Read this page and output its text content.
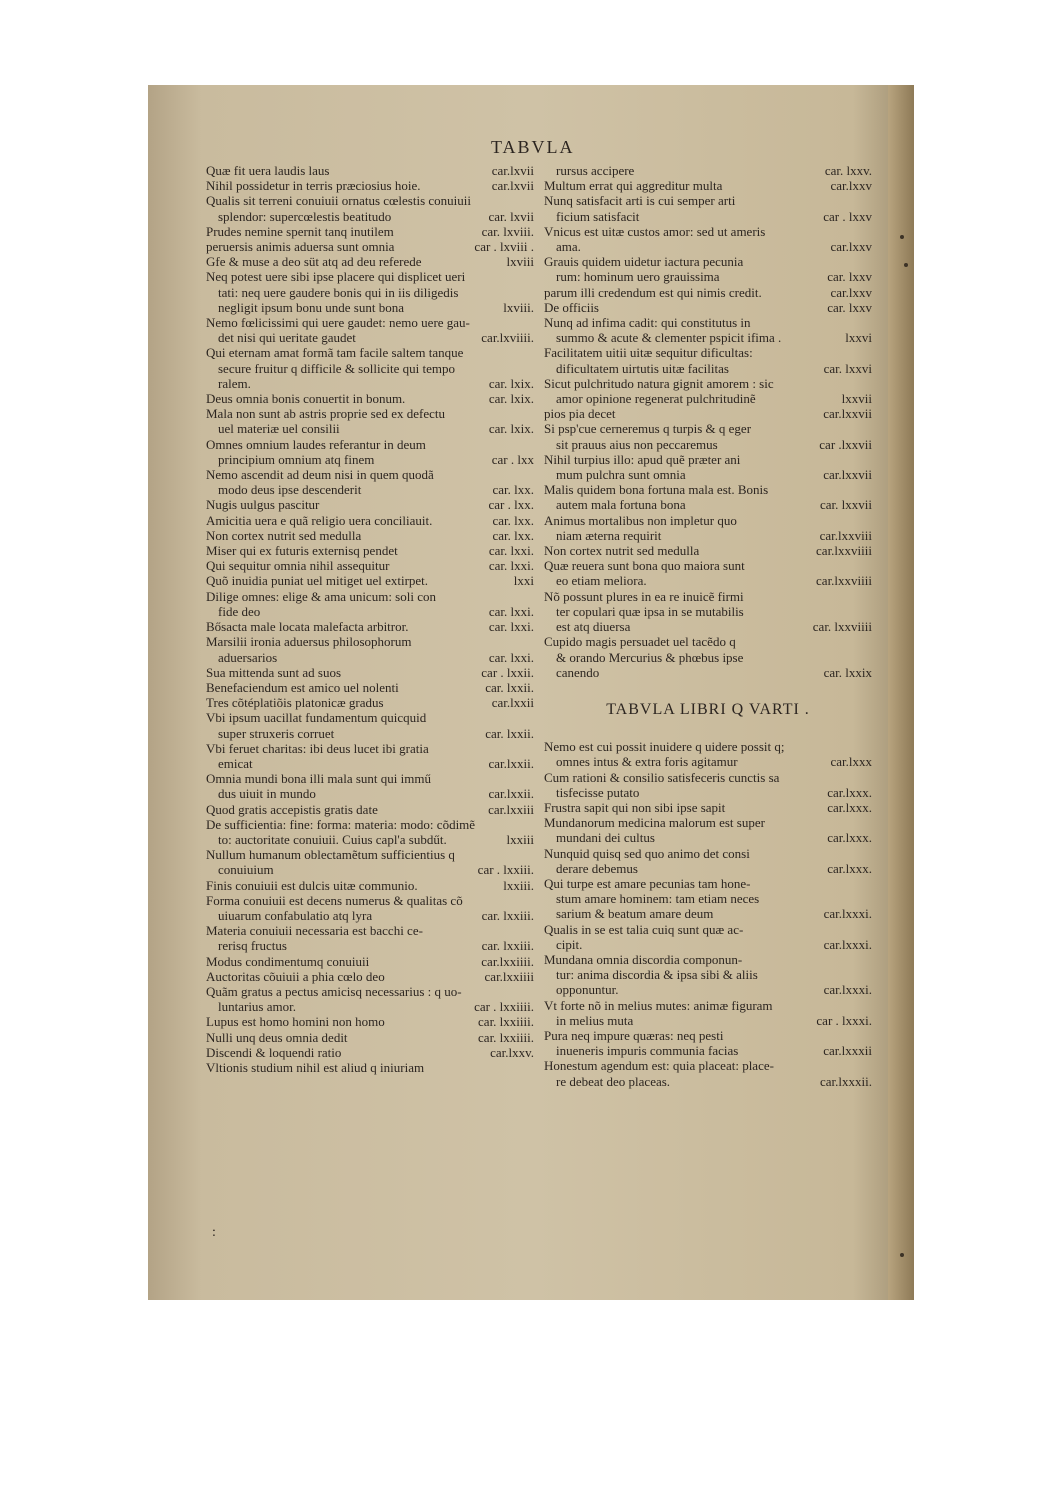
TABVLA
Quæ fit uera laudis laus	car.lxvii
Nihil possidetur in terris præciosius hoie.	car.lxvii
Qualis sit terreni conuiuii ornatus cœlestis conuiuii
splendor: supercœlestis beatitudo	car. lxvii
Prudes nemine spernit tanq inutilem	car. lxviii.
peruersis animis aduersa sunt omnia	car . lxviii .
Gfe & muse a deo süt atq ad deu referede	lxviii
Neq potest uere sibi ipse placere qui displicet ueri
tati: neq uere gaudere bonis qui in iis diligedis
negligit ipsum bonu unde sunt bona	lxviii.
Nemo fœlicissimi qui uere gaudet: nemo uere gau-
det nisi qui ueritate gaudet	car.lxviiii.
Qui eternam amat formã tam facile saltem tanque
secure fruitur q difficile & sollicite qui tempo
ralem.	car. lxix.
Deus omnia bonis conuertit in bonum.	car. lxix.
Mala non sunt ab astris proprie sed ex defectu
uel materiæ uel consilii	car. lxix.
Omnes omnium laudes referantur in deum
principium omnium atq finem	car . lxx
Nemo ascendit ad deum nisi in quem quodã
modo deus ipse descenderit	car. lxx.
Nugis uulgus pascitur	car . lxx.
Amicitia uera e quã religio uera conciliauit.	car. lxx.
Non cortex nutrit sed medulla	car. lxx.
Miser qui ex futuris externisq pendet	car. lxxi.
Qui sequitur omnia nihil assequitur	car. lxxi.
Quõ inuidia puniat uel mitiget uel extirpet.	lxxi
Dilige omnes: elige & ama unicum: soli con
fide deo	car. lxxi.
Bősacta male locata malefacta arbitror.	car. lxxi.
Marsilii ironia aduersus philosophorum
aduersarios	car. lxxi.
Sua mittenda sunt ad suos	car . lxxii.
Benefaciendum est amico uel nolenti	car. lxxii.
Tres cõtéplatiõis platonicæ gradus	car.lxxii
Vbi ipsum uacillat fundamentum quicquid
super struxeris corruet	car. lxxii.
Vbi feruet charitas: ibi deus lucet ibi gratia
emicat	car.lxxii.
Omnia mundi bona illi mala sunt qui immű
dus uiuit in mundo	car.lxxii.
Quod gratis accepistis gratis date	car.lxxiii
De sufficientia: fine: forma: materia: modo: cõdimẽ
to: auctoritate conuiuii. Cuius capl'a subdűt.	lxxiii
Nullum humanum oblectamẽtum sufficientius q
conuiuium	car . lxxiii.
Finis conuiuii est dulcis uitæ communio.	lxxiii.
Forma conuiuii est decens numerus & qualitas cõ
uiuarum confabulatio atq lyra	car. lxxiii.
Materia conuiuii necessaria est bacchi ce-
rerisq fructus	car. lxxiii.
Modus condimentumq conuiuii	car.lxxiiii.
Auctoritas cõuiuii a phia cœlo deo	car.lxxiiii
Quãm gratus a pectus amicisq necessarius : q uo-
luntarius amor.	car . lxxiiii.
Lupus est homo homini non homo	car. lxxiiii.
Nulli unq deus omnia dedit	car. lxxiiii.
Discendi & loquendi ratio	car.lxxv.
Vltionis studium nihil est aliud q iniuriam
rursus accipere	car. lxxv.
Multum errat qui aggreditur multa	car.lxxv
Nunq satisfacit arti is cui semper arti
ficium satisfacit	car . lxxv
Vnicus est uitæ custos amor: sed ut ameris
ama.	car.lxxv
Grauis quidem uidetur iactura pecunia
rum: hominum uero grauissima	car. lxxv
parum illi credendum est qui nimis credit.	car.lxxv
De officiis	car. lxxv
Nunq ad infima cadit: qui constitutus in
summo & acute & clementer pspicit ifima .	lxxvi
Facilitatem uitii uitæ sequitur dificultas:
dificultatem uirtutis uitæ facilitas	car. lxxvi
Sicut pulchritudo natura gignit amorem : sic
amor opinione regenerat pulchritudinẽ	lxxvii
pios pia decet	car.lxxvii
Si psp'cue cerneremus q turpis & q eger
sit prauus aius non peccaremus	car .lxxvii
Nihil turpius illo: apud quẽ præter ani
mum pulchra sunt omnia	car.lxxvii
Malis quidem bona fortuna mala est. Bonis
autem mala fortuna bona	car. lxxvii
Animus mortalibus non impletur quo
niam æterna requirit	car.lxxviii
Non cortex nutrit sed medulla	car.lxxviiii
Quæ reuera sunt bona quo maiora sunt
eo etiam meliora.	car.lxxviiii
Nõ possunt plures in ea re inuicẽ firmi
ter copulari quæ ipsa in se mutabilis
est atq diuersa	car. lxxviiii
Cupido magis persuadet uel tacẽdo q
& orando Mercurius & phœbus ipse
canendo	car. lxxix
TABVLA LIBRI Q VARTI .
Nemo est cui possit inuidere q uidere possit q;
omnes intus & extra foris agitamur	car.lxxx
Cum rationi & consilio satisfeceris cunctis sa
tisfecisse putato	car.lxxx.
Frustra sapit qui non sibi ipse sapit	car.lxxx.
Mundanorum medicina malorum est super
mundani dei cultus	car.lxxx.
Nunquid quisq sed quo animo det consi
derare debemus	car.lxxx.
Qui turpe est amare pecunias tam hone-
stum amare hominem: tam etiam neces
sarium & beatum amare deum	car.lxxxi.
Qualis in se est talia cuiq sunt quæ ac-
cipit.	car.lxxxi.
Mundana omnia discordia componun-
tur: anima discordia & ipsa sibi & aliis
opponuntur.	car.lxxxi.
Vt forte nõ in melius mutes: animæ figuram
in melius muta	car . lxxxi.
Pura neq impure quæras: neq pesti
inueneris impuris communia facias	car.lxxxii
Honestum agendum est: quia placeat: place-
re debeat deo placeas.	car.lxxxii.
:
